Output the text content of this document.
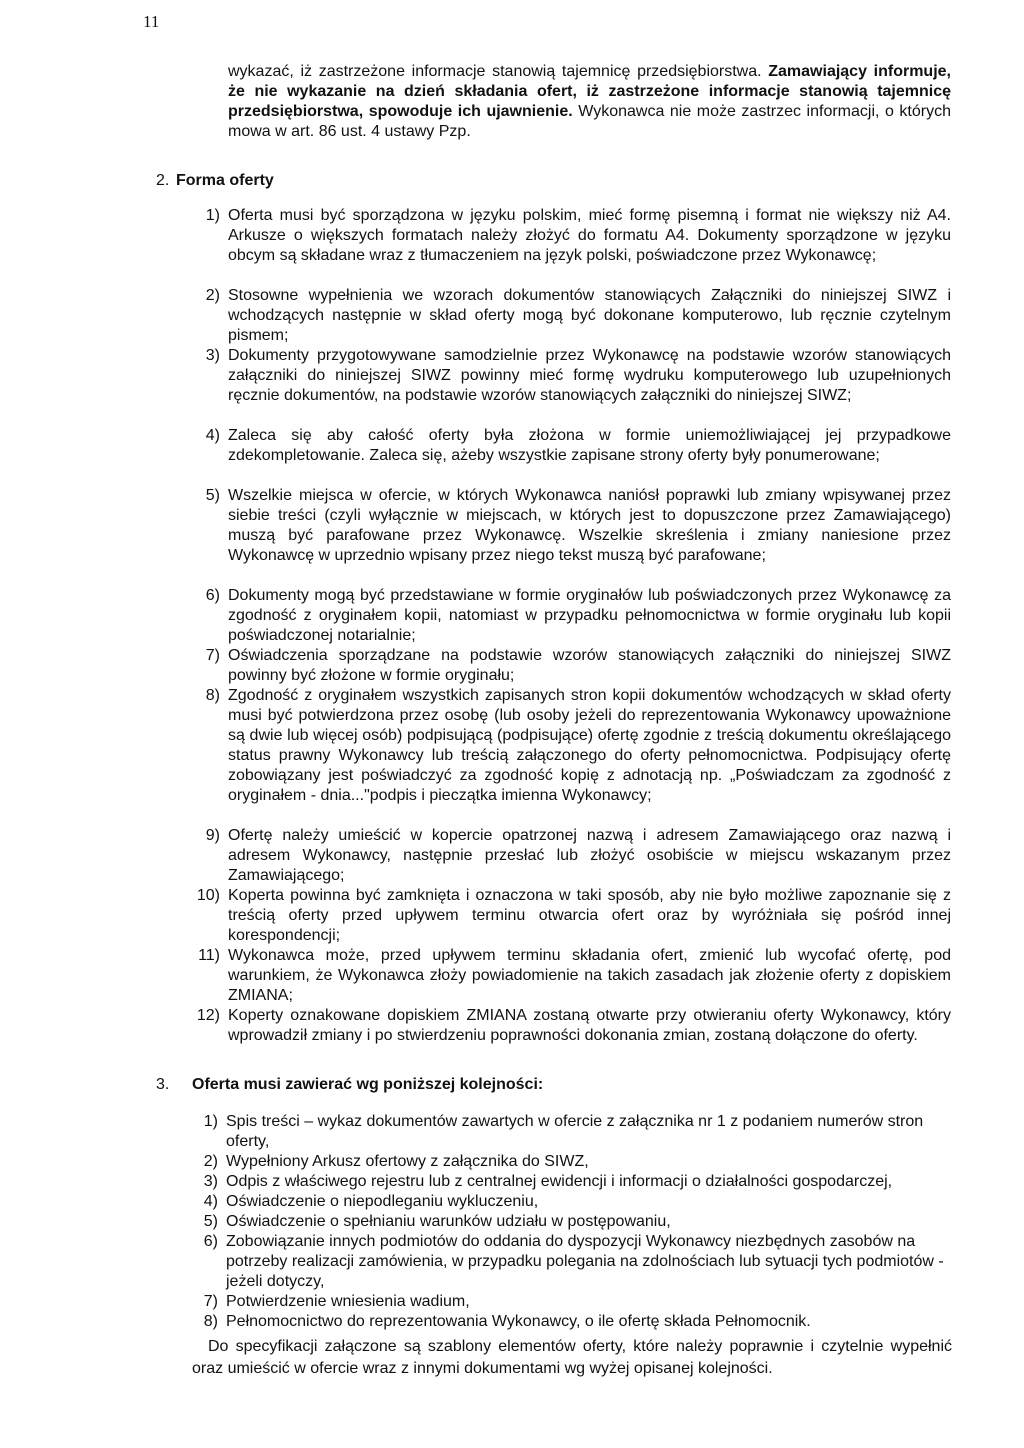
11
wykazać, iż zastrzeżone informacje stanowią tajemnicę przedsiębiorstwa. Zamawiający informuje, że nie wykazanie na dzień składania ofert, iż zastrzeżone informacje stanowią tajemnicę przedsiębiorstwa, spowoduje ich ujawnienie. Wykonawca nie może zastrzec informacji, o których mowa w art. 86 ust. 4 ustawy Pzp.
2. Forma oferty
1) Oferta musi być sporządzona w języku polskim, mieć formę pisemną i format nie większy niż A4. Arkusze o większych formatach należy złożyć do formatu A4. Dokumenty sporządzone w języku obcym są składane wraz z tłumaczeniem na język polski, poświadczone przez Wykonawcę;
2) Stosowne wypełnienia we wzorach dokumentów stanowiących Załączniki do niniejszej SIWZ i wchodzących następnie w skład oferty mogą być dokonane komputerowo, lub ręcznie czytelnym pismem;
3) Dokumenty przygotowywane samodzielnie przez Wykonawcę na podstawie wzorów stanowiących załączniki do niniejszej SIWZ powinny mieć formę wydruku komputerowego lub uzupełnionych ręcznie dokumentów, na podstawie wzorów stanowiących załączniki do niniejszej SIWZ;
4) Zaleca się aby całość oferty była złożona w formie uniemożliwiającej jej przypadkowe zdekompletowanie. Zaleca się, ażeby wszystkie zapisane strony oferty były ponumerowane;
5) Wszelkie miejsca w ofercie, w których Wykonawca naniósł poprawki lub zmiany wpisywanej przez siebie treści (czyli wyłącznie w miejscach, w których jest to dopuszczone przez Zamawiającego) muszą być parafowane przez Wykonawcę. Wszelkie skreślenia i zmiany naniesione przez Wykonawcę w uprzednio wpisany przez niego tekst muszą być parafowane;
6) Dokumenty mogą być przedstawiane w formie oryginałów lub poświadczonych przez Wykonawcę za zgodność z oryginałem kopii, natomiast w przypadku pełnomocnictwa w formie oryginału lub kopii poświadczonej notarialnie;
7) Oświadczenia sporządzane na podstawie wzorów stanowiących załączniki do niniejszej SIWZ powinny być złożone w formie oryginału;
8) Zgodność z oryginałem wszystkich zapisanych stron kopii dokumentów wchodzących w skład oferty musi być potwierdzona przez osobę (lub osoby jeżeli do reprezentowania Wykonawcy upoważnione są dwie lub więcej osób) podpisującą (podpisujące) ofertę zgodnie z treścią dokumentu określającego status prawny Wykonawcy lub treścią załączonego do oferty pełnomocnictwa. Podpisujący ofertę zobowiązany jest poświadczyć za zgodność kopię z adnotacją np. „Poświadczam za zgodność z oryginałem - dnia..."podpis i pieczątka imienna Wykonawcy;
9) Ofertę należy umieścić w kopercie opatrzonej nazwą i adresem Zamawiającego oraz nazwą i adresem Wykonawcy, następnie przesłać lub złożyć osobiście w miejscu wskazanym przez Zamawiającego;
10) Koperta powinna być zamknięta i oznaczona w taki sposób, aby nie było możliwe zapoznanie się z treścią oferty przed upływem terminu otwarcia ofert oraz by wyróżniała się pośród innej korespondencji;
11) Wykonawca może, przed upływem terminu składania ofert, zmienić lub wycofać ofertę, pod warunkiem, że Wykonawca złoży powiadomienie na takich zasadach jak złożenie oferty z dopiskiem ZMIANA;
12) Koperty oznakowane dopiskiem ZMIANA zostaną otwarte przy otwieraniu oferty Wykonawcy, który wprowadził zmiany i po stwierdzeniu poprawności dokonania zmian, zostaną dołączone do oferty.
3. Oferta musi zawierać wg poniższej kolejności:
1) Spis treści – wykaz dokumentów zawartych w ofercie z załącznika nr 1 z podaniem numerów stron oferty,
2) Wypełniony Arkusz ofertowy z załącznika do SIWZ,
3) Odpis z właściwego rejestru lub z centralnej ewidencji i informacji o działalności gospodarczej,
4) Oświadczenie o niepodleganiu wykluczeniu,
5) Oświadczenie o spełnianiu warunków udziału w postępowaniu,
6) Zobowiązanie innych podmiotów do oddania do dyspozycji Wykonawcy niezbędnych zasobów na potrzeby realizacji zamówienia, w przypadku polegania na zdolnościach lub sytuacji tych podmiotów - jeżeli dotyczy,
7) Potwierdzenie wniesienia wadium,
8) Pełnomocnictwo do reprezentowania Wykonawcy, o ile ofertę składa Pełnomocnik.
Do specyfikacji załączone są szablony elementów oferty, które należy poprawnie i czytelnie wypełnić oraz umieścić w ofercie wraz z innymi dokumentami wg wyżej opisanej kolejności.
